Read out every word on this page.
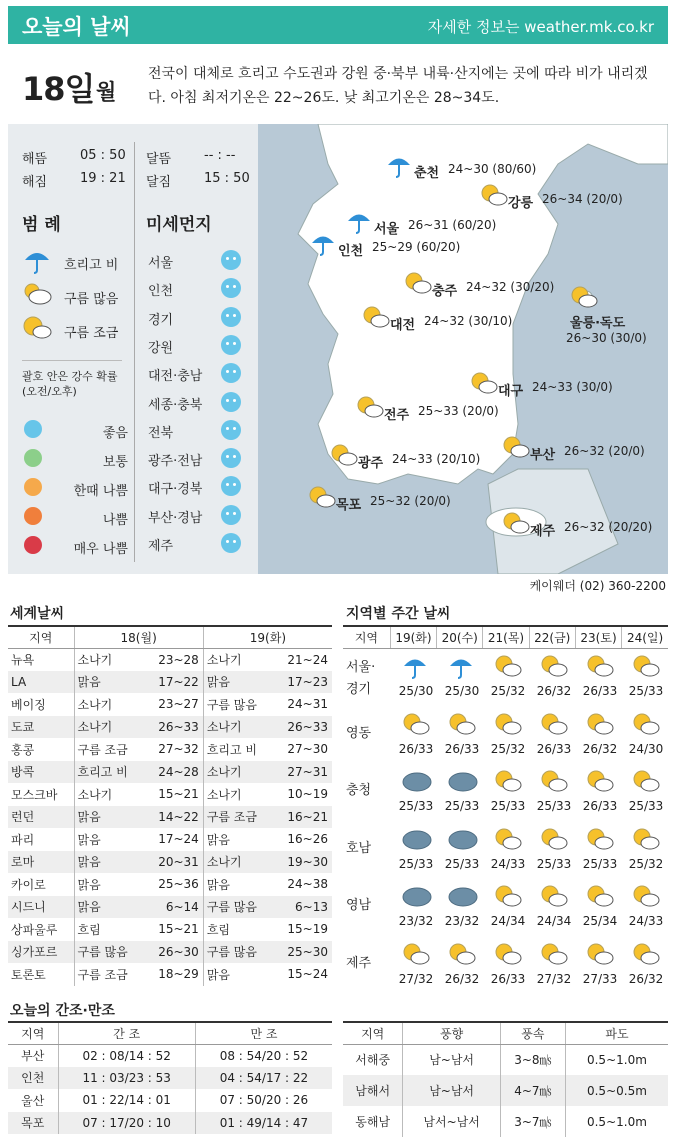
오늘의 날씨	자세한 정보는 weather.mk.co.kr
18일 월
전국이 대체로 흐리고 수도권과 강원 중·북부 내륙·산지에는 곳에 따라 비가 내리겠다. 아침 최저기온은 22~26도. 낮 최고기온은 28~34도.
해뜸	05 : 50
해짐	19 : 21
달뜸	-- : --
달짐	15 : 50
범 례	미세먼지
흐리고 비
구름 많음
구름 조금
괄호 안은 강수 확률
(오전/오후)
좋음
보통
한때 나쁨
나쁨
매우 나쁨
서울
인천
경기
강원
대전·충남
세종·충북
전북
광주·전남
대구·경북
부산·경남
제주
춘천 24~30 (80/60)
강릉 26~34 (20/0)
서울 26~31 (60/20)
인천 25~29 (60/20)
충주 24~32 (30/20)
울릉·독도
26~30 (30/0)
대전 24~32 (30/10)
대구 24~33 (30/0)
전주 25~33 (20/0)
광주 24~33 (20/10)	부산 26~32 (20/0)
목포 25~32 (20/0)
제주 26~32 (20/20)
케이웨더 (02) 360-2200
세계날씨
지역	18(월)		19(화)	
뉴욕	소나기	23~28	소나기	21~24
LA	맑음	17~22	맑음	17~23
베이징	소나기	23~27	구름 많음	24~31
도쿄	소나기	26~33	소나기	26~33
홍콩	구름 조금	27~32	흐리고 비	27~30
방콕	흐리고 비	24~28	소나기	27~31
모스크바	소나기	15~21	소나기	10~19
런던	맑음	14~22	구름 조금	16~21
파리	맑음	17~24	맑음	16~26
로마	맑음	20~31	소나기	19~30
카이로	맑음	25~36	맑음	24~38
시드니	맑음	6~14	구름 많음	6~13
상파울루	흐림	15~21	흐림	15~19
싱가포르	구름 많음	26~30	구름 많음	25~30
토론토	구름 조금	18~29	맑음	15~24
지역별 주간 날씨
지역	19(화)	20(수)	21(목)	22(금)	23(토)	24(일)
서울·
경기	25/30 25/30 25/32 26/32 26/33 25/33
영동
26/33 26/33 25/32 26/33 26/32 24/30
충청
25/33 25/33 25/33 25/33 26/33 25/33
호남
25/33 25/33 24/33 25/33 25/33 25/32
영남
23/32 23/32 24/34 24/34 25/34 24/33
제주
27/32 26/32 26/33 27/32 27/33 26/32
오늘의 간조·만조
지역	간 조	만 조
부산	02 : 08/14 : 52	08 : 54/20 : 52
인천	11 : 03/23 : 53	04 : 54/17 : 22
울산	01 : 22/14 : 01	07 : 50/20 : 26
목포	07 : 17/20 : 10	01 : 49/14 : 47
지역	풍향	풍속	파도
서해중	남~남서	3~8㎧	0.5~1.0m
남해서	남~남서	4~7㎧	0.5~0.5m
동해남	남서~남서	3~7㎧	0.5~1.0m
